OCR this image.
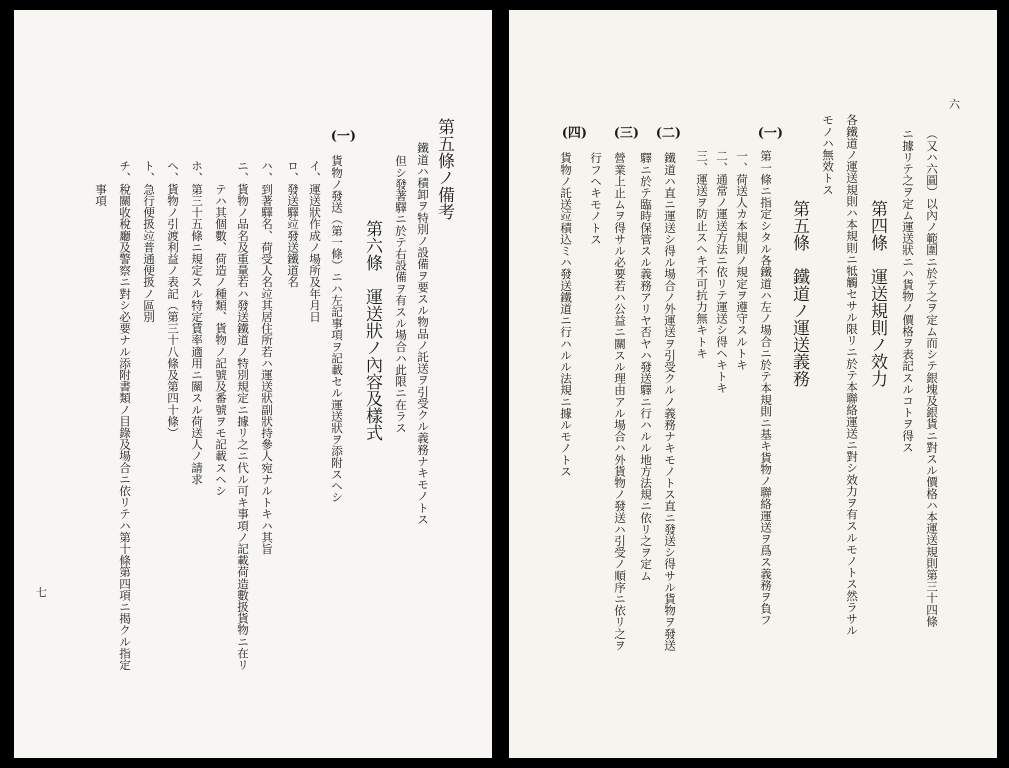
第五條ノ備考
鐵道ハ積卸ヲ特別ノ設備ヲ要スル物品ノ託送ヲ引受クル義務ナキモノトス
但シ發著驛ニ於テ右設備ヲ有スル場合ハ此限ニ在ラス
第六條　運送狀ノ內容及樣式
(一)
貨物ノ發送（第一條）ニハ左記事項ヲ記載セル運送狀ヲ添附スヘシ
イ、運送狀作成ノ場所及年月日
ロ、發送驛竝發送鐵道名
ハ、到著驛名、荷受人名竝其居住所若ハ運送狀副狀持參人宛ナルトキハ其旨
ニ、貨物ノ品名及重量若ハ發送鐵道ノ特別規定ニ據リ之ニ代ル可キ事項ノ記載荷造數扱貨物ニ在リ
　　テハ其個數、荷造ノ種類、貨物ノ記號及番號ヲモ記載スヘシ
ホ、第三十五條ニ規定スル特定賃率適用ニ關スル荷送人ノ請求
ヘ、貨物ノ引渡利益ノ表記（第三十八條及第四十條）
ト、急行便扱竝普通便扱ノ區別
チ、稅關收稅廳及警察ニ對シ必要ナル添附書類ノ目錄及場合ニ依リテハ第十條第四項ニ揭クル指定
　　事項
七
六
（又ハ六圓）以內ノ範圍ニ於テ之ヲ定ム而シテ銀塊及銀貨ニ對スル價格ハ本運送規則第三十四條
ニ據リテ之ヲ定ム運送狀ニハ貨物ノ價格ヲ表記スルコトヲ得ス
第四條　運送規則ノ效力
各鐵道ノ運送規則ハ本規則ニ牴觸セサル限リニ於テ本聯絡運送ニ對シ效力ヲ有スルモノトス然ラサル
モノハ無效トス
第五條　鐵道ノ運送義務
(一)
第一條ニ指定シタル各鐵道ハ左ノ場合ニ於テ本規則ニ基キ貨物ノ聯絡運送ヲ爲ス義務ヲ負フ
一、荷送人カ本規則ノ規定ヲ遵守スルトキ
二、通常ノ運送方法ニ依リテ運送シ得ヘキトキ
三、運送ヲ防止スヘキ不可抗力無キトキ
(二)
鐵道ハ直ニ運送シ得ル場合ノ外運送ヲ引受クルノ義務ナキモノトス直ニ發送シ得サル貨物ヲ發送
驛ニ於テ臨時保管スル義務アリヤ否ヤハ發送驛ニ行ハルル地方法規ニ依リ之ヲ定ム
(三)
營業上止ムヲ得サル必要若ハ公益ニ關スル理由アル場合ハ外貨物ノ發送ハ引受ノ順序ニ依リ之ヲ
行フヘキモノトス
(四)
貨物ノ託送竝積込ミハ發送鐵道ニ行ハルル法規ニ據ルモノトス
